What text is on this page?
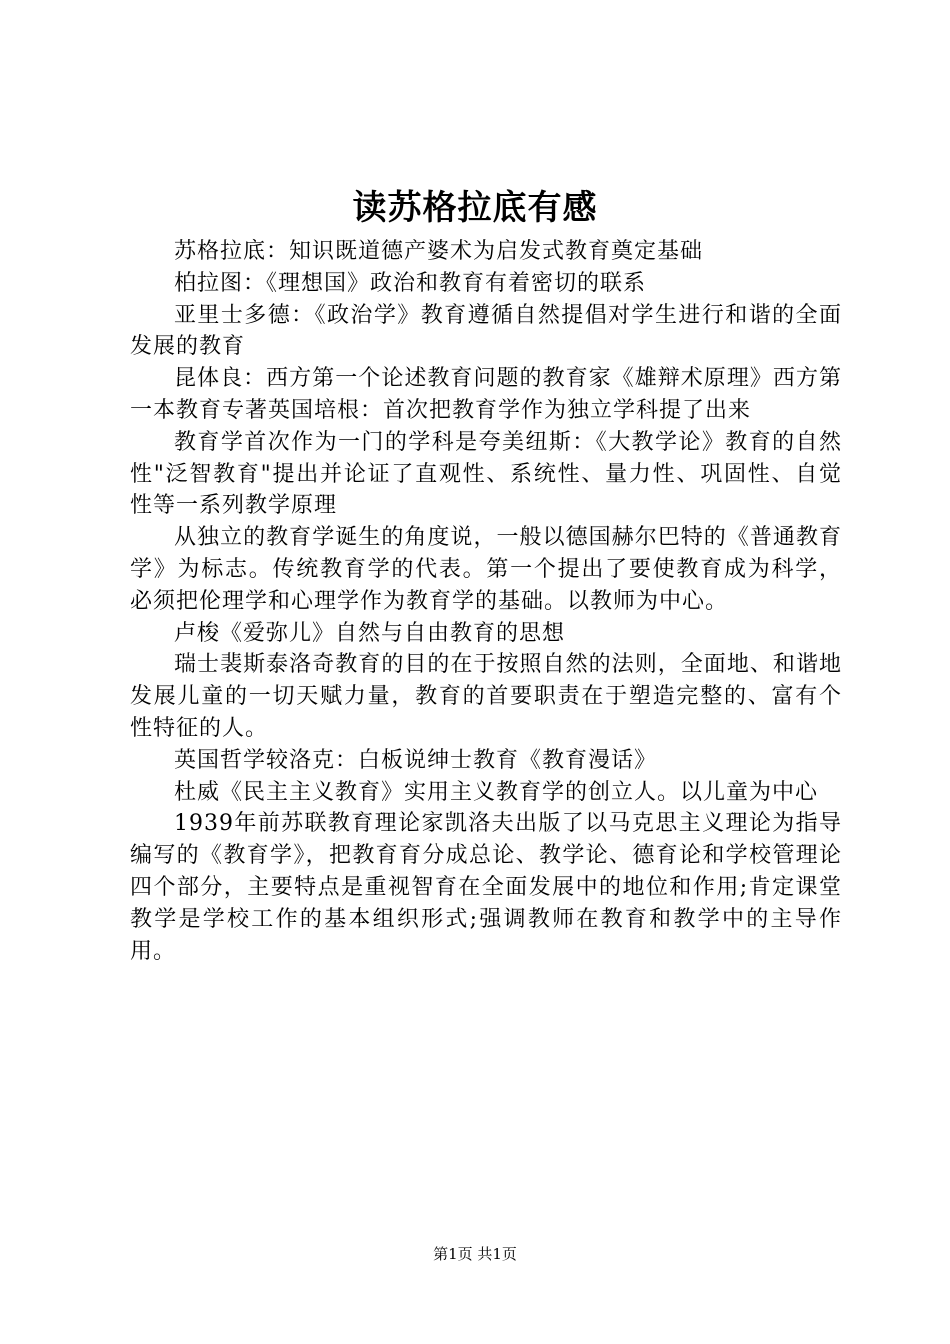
读苏格拉底有感

苏格拉底：知识既道德产婆术为启发式教育奠定基础

柏拉图：《理想国》政治和教育有着密切的联系

亚里士多德：《政治学》教育遵循自然提倡对学生进行和谐的全面发展的教育

昆体良：西方第一个论述教育问题的教育家《雄辩术原理》西方第一本教育专著英国培根：首次把教育学作为独立学科提了出来

教育学首次作为一门的学科是夸美纽斯：《大教学论》教育的自然性"泛智教育"提出并论证了直观性、系统性、量力性、巩固性、自觉性等一系列教学原理

从独立的教育学诞生的角度说，一般以德国赫尔巴特的《普通教育学》为标志。传统教育学的代表。第一个提出了要使教育成为科学，必须把伦理学和心理学作为教育学的基础。以教师为中心。

卢梭《爱弥儿》自然与自由教育的思想

瑞士裴斯泰洛奇教育的目的在于按照自然的法则，全面地、和谐地发展儿童的一切天赋力量，教育的首要职责在于塑造完整的、富有个性特征的人。

英国哲学较洛克：白板说绅士教育《教育漫话》

杜威《民主主义教育》实用主义教育学的创立人。以儿童为中心

1939年前苏联教育理论家凯洛夫出版了以马克思主义理论为指导编写的《教育学》，把教育育分成总论、教学论、德育论和学校管理论四个部分，主要特点是重视智育在全面发展中的地位和作用;肯定课堂教学是学校工作的基本组织形式;强调教师在教育和教学中的主导作用。

第1页 共1页
